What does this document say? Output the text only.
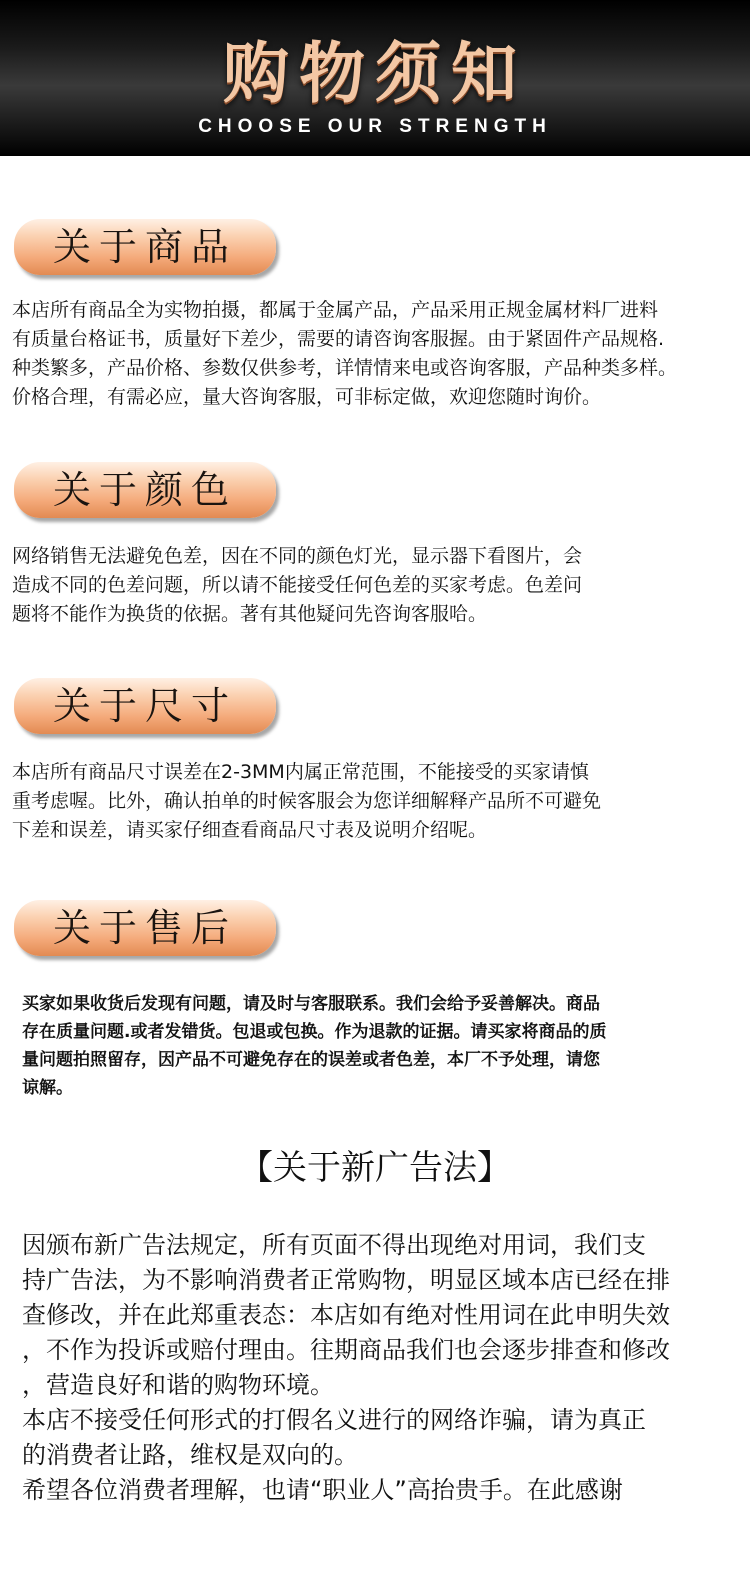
购物须知
CHOOSE OUR STRENGTH
关于商品

本店所有商品全为实物拍摄，都属于金属产品，产品采用正规金属材料厂进料
有质量台格证书，质量好下差少，需要的请咨询客服握。由于紧固件产品规格.
种类繁多，产品价格、参数仅供参考，详情情来电或咨询客服，产品种类多样。
价格合理，有需必应，量大咨询客服，可非标定做，欢迎您随时询价。

关于颜色

网络销售无法避免色差，因在不同的颜色灯光，显示器下看图片，会
造成不同的色差问题，所以请不能接受任何色差的买家考虑。色差问
题将不能作为换货的依据。著有其他疑问先咨询客服哈。

关于尺寸

本店所有商品尺寸误差在2-3MM内属正常范围，不能接受的买家请慎
重考虑喔。比外，确认拍单的时候客服会为您详细解释产品所不可避免
下差和误差，请买家仔细查看商品尺寸表及说明介绍呢。

关于售后

买家如果收货后发现有问题，请及时与客服联系。我们会给予妥善解决。商品
存在质量问题.或者发错货。包退或包换。作为退款的证据。请买家将商品的质
量问题拍照留存，因产品不可避免存在的误差或者色差，本厂不予处理，请您
谅解。

【关于新广告法】

因颁布新广告法规定，所有页面不得出现绝对用词，我们支
持广告法，为不影响消费者正常购物，明显区域本店已经在排
查修改，并在此郑重表态：本店如有绝对性用词在此申明失效
，不作为投诉或赔付理由。往期商品我们也会逐步排查和修改
，营造良好和谐的购物环境。

本店不接受任何形式的打假名义进行的网络诈骗，请为真正
的消费者让路，维权是双向的。

希望各位消费者理解，也请“职业人”高抬贵手。在此感谢
